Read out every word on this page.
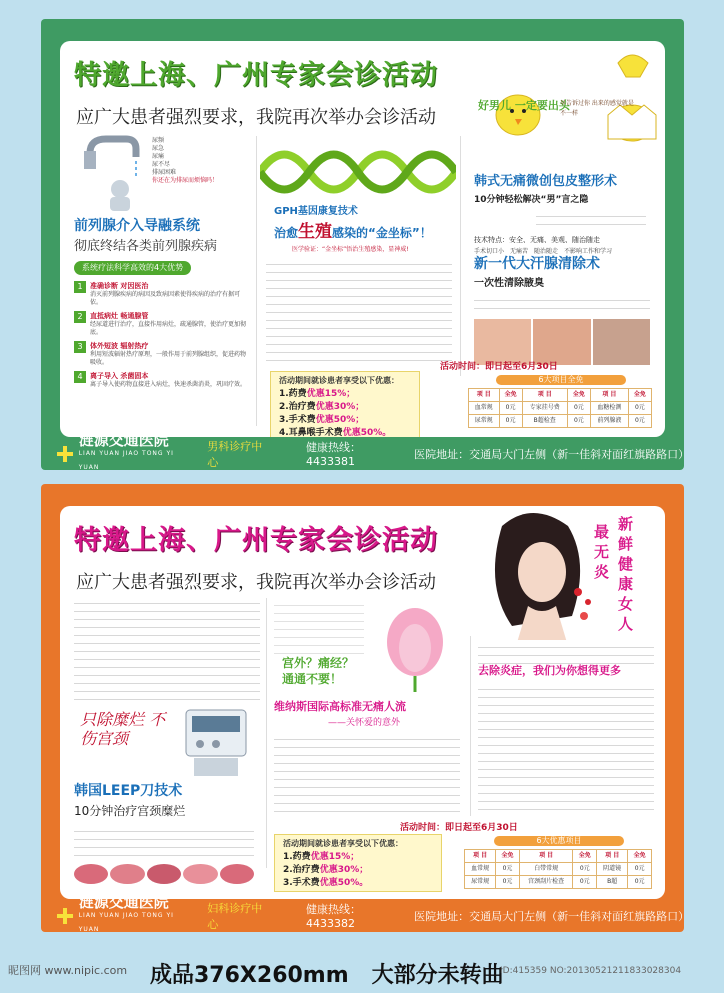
特邀上海、广州专家会诊活动
应广大患者强烈要求，我院再次举办会诊活动
好男儿 一定要出头
早告诉过你 出来的感觉就是不一样
尿频
尿急
尿痛
尿不尽
排尿困难
你还在为排尿而烦恼吗！
前列腺介入导融系统
彻底终结各类前列腺疾病
系统疗法科学高效的4大优势
1	准确诊断 对因医治
消灭前列腺疾病的病因及致病因素使得疾病的治疗有据可依。
2	直抵病灶 畅通腺管
经尿道进行治疗，直接作用病灶，疏通腺管，使治疗更加彻底。
3	体外短波 辐射热疗
利用短波辐射热疗原理，一般作用于前列腺组织，促进药物吸收。
4	离子导入 杀菌固本
离子导入使药物直接进入病灶，快速杀菌消炎，巩固疗效。
GPH基因康复技术
治愈生殖感染的“金坐标”！
医学验证：“金坐标”悟治生殖感染，显神威!
韩式无痛微创包皮整形术
10分钟轻松解决“男”言之隐
技术特点：安全、无痛、美观、随治随走
手术切口小 无痛苦 随治随走 不影响工作和学习
新一代大汗腺清除术
一次性清除腋臭
活动时间：即日起至6月30日
活动期间就诊患者享受以下优惠：
1.药费优惠15%；
2.治疗费优惠30%；
3.手术费优惠50%；
4.耳鼻喉手术费优惠50%。
6大项目全免
项 目	全免	项 目	全免	项 目	全免
血常规	0元	专家挂号费	0元	血糖检测	0元
尿常规	0元	B超检查	0元	前列腺液	0元
涟源交通医院
LIAN YUAN JIAO TONG YI YUAN
男科诊疗中心
健康热线：4433381
医院地址：交通局大门左侧（新一佳斜对面红旗路路口）
特邀上海、广州专家会诊活动
应广大患者强烈要求，我院再次举办会诊活动
最无炎
新鲜健康女人
只除糜烂 不伤宫颈
韩国LEEP刀技术
10分钟治疗宫颈糜烂
宫外？痛经？
通通不要！
维纳斯国际高标准无痛人流
——关怀爱的意外
去除炎症，我们为你想得更多
活动时间：即日起至6月30日
活动期间就诊患者享受以下优惠：
1.药费优惠15%；
2.治疗费优惠30%；
3.手术费优惠50%。
6大优惠项目
项 目	全免	项 目	全免	项 目	全免
血常规	0元	白带常规	0元	阴道镜	0元
尿常规	0元	宫颈刮片检查	0元	B超	0元
涟源交通医院
LIAN YUAN JIAO TONG YI YUAN
妇科诊疗中心
健康热线：4433382
医院地址：交通局大门左侧（新一佳斜对面红旗路路口）
昵图网 www.nipic.com 成品376X260mm   大部分未转曲
ID:415359 NO:20130521211833028304
